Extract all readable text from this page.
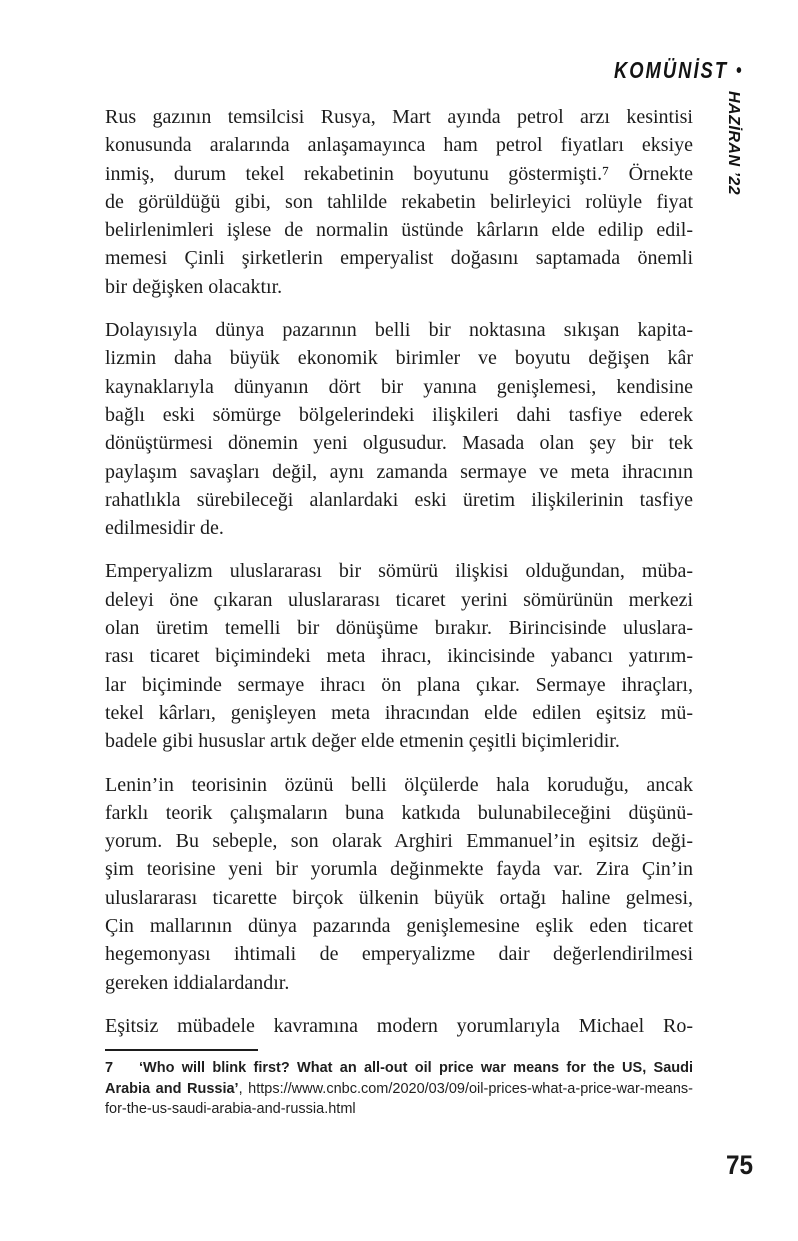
KOMÜNİST •
HAZİRAN ’22
Rus gazının temsilcisi Rusya, Mart ayında petrol arzı kesintisi
konusunda aralarında anlaşamayınca ham petrol fiyatları eksiye
inmiş, durum tekel rekabetinin boyutunu göstermişti.⁷ Örnekte
de görüldüğü gibi, son tahlilde rekabetin belirleyici rolüyle fiyat
belirlenimleri işlese de normalin üstünde kârların elde edilip edil-
memesi Çinli şirketlerin emperyalist doğasını saptamada önemli
bir değişken olacaktır.
Dolayısıyla dünya pazarının belli bir noktasına sıkışan kapita-
lizmin daha büyük ekonomik birimler ve boyutu değişen kâr
kaynaklarıyla dünyanın dört bir yanına genişlemesi, kendisine
bağlı eski sömürge bölgelerindeki ilişkileri dahi tasfiye ederek
dönüştürmesi dönemin yeni olgusudur. Masada olan şey bir tek
paylaşım savaşları değil, aynı zamanda sermaye ve meta ihracının
rahatlıkla sürebileceği alanlardaki eski üretim ilişkilerinin tasfiye
edilmesidir de.
Emperyalizm uluslararası bir sömürü ilişkisi olduğundan, müba-
deleyi öne çıkaran uluslararası ticaret yerini sömürünün merkezi
olan üretim temelli bir dönüşüme bırakır. Birincisinde uluslara-
rası ticaret biçimindeki meta ihracı, ikincisinde yabancı yatırım-
lar biçiminde sermaye ihracı ön plana çıkar. Sermaye ihraçları,
tekel kârları, genişleyen meta ihracından elde edilen eşitsiz mü-
badele gibi hususlar artık değer elde etmenin çeşitli biçimleridir.
Lenin’in teorisinin özünü belli ölçülerde hala koruduğu, ancak
farklı teorik çalışmaların buna katkıda bulunabileceğini düşünü-
yorum. Bu sebeple, son olarak Arghiri Emmanuel’in eşitsiz deği-
şim teorisine yeni bir yorumla değinmekte fayda var. Zira Çin’in
uluslararası ticarette birçok ülkenin büyük ortağı haline gelmesi,
Çin mallarının dünya pazarında genişlemesine eşlik eden ticaret
hegemonyası ihtimali de emperyalizme dair değerlendirilmesi
gereken iddialardandır.
Eşitsiz mübadele kavramına modern yorumlarıyla Michael Ro-
7 ‘Who will blink first? What an all-out oil price war means for the US, Saudi Arabia and Russia’, https://www.cnbc.com/2020/03/09/oil-prices-what-a-price-war-means-for-the-us-saudi-arabia-and-russia.html
75
